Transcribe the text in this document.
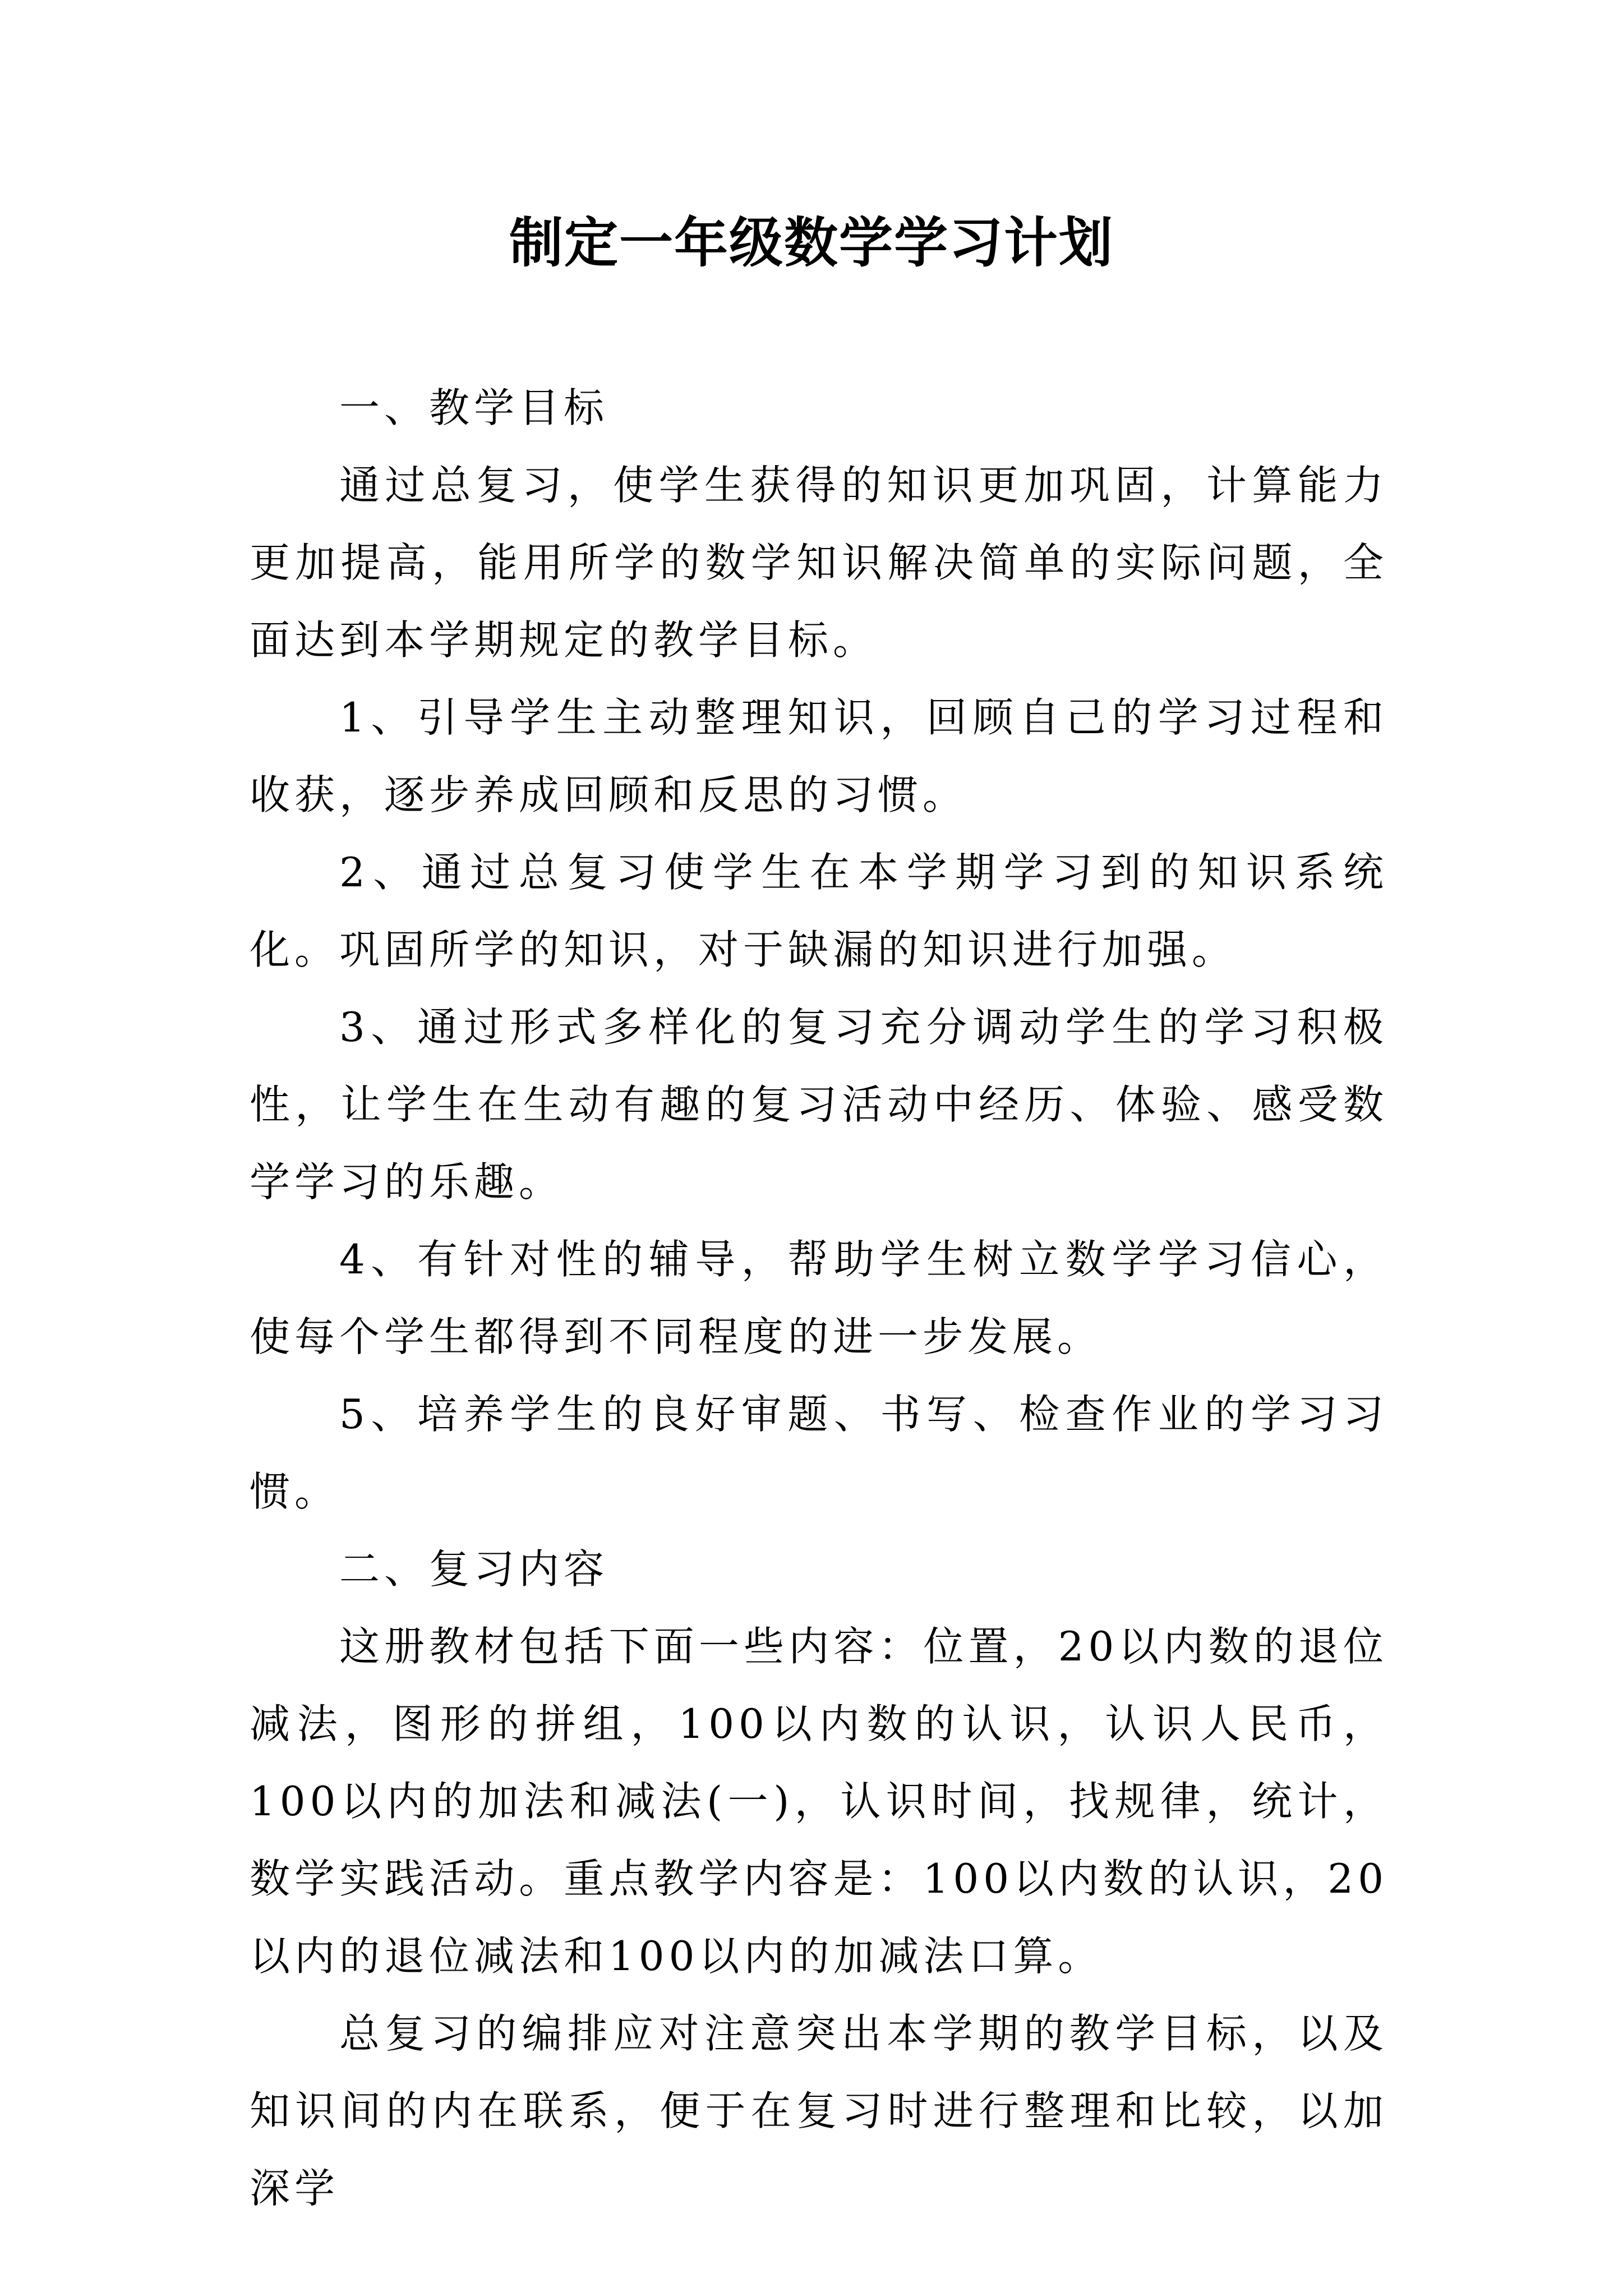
制定一年级数学学习计划

一、教学目标

通过总复习，使学生获得的知识更加巩固，计算能力更加提高，能用所学的数学知识解决简单的实际问题，全面达到本学期规定的教学目标。

1、引导学生主动整理知识，回顾自己的学习过程和收获，逐步养成回顾和反思的习惯。

2、通过总复习使学生在本学期学习到的知识系统化。巩固所学的知识，对于缺漏的知识进行加强。

3、通过形式多样化的复习充分调动学生的学习积极性，让学生在生动有趣的复习活动中经历、体验、感受数学学习的乐趣。

4、有针对性的辅导，帮助学生树立数学学习信心，使每个学生都得到不同程度的进一步发展。

5、培养学生的良好审题、书写、检查作业的学习习惯。

二、复习内容

这册教材包括下面一些内容：位置，20以内数的退位减法，图形的拼组，100以内数的认识，认识人民币，100以内的加法和减法(一)，认识时间，找规律，统计，数学实践活动。重点教学内容是：100以内数的认识，20以内的退位减法和100以内的加减法口算。

总复习的编排应对注意突出本学期的教学目标，以及知识间的内在联系，便于在复习时进行整理和比较，以加深学
